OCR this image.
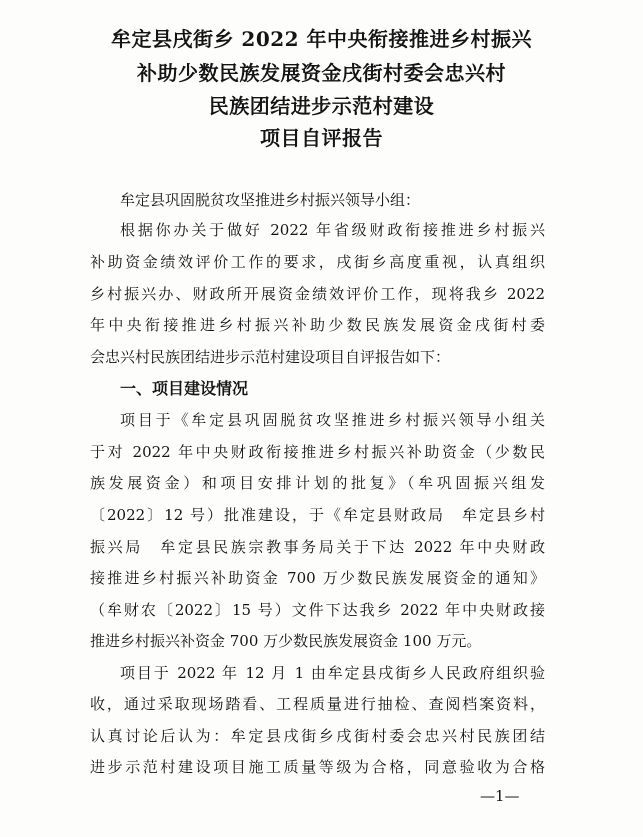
牟定县戌街乡 2022 年中央衔接推进乡村振兴
补助少数民族发展资金戌街村委会忠兴村
民族团结进步示范村建设
项目自评报告
牟定县巩固脱贫攻坚推进乡村振兴领导小组：
根据你办关于做好 2022 年省级财政衔接推进乡村振兴
补助资金绩效评价工作的要求，戌街乡高度重视，认真组织
乡村振兴办、财政所开展资金绩效评价工作，现将我乡 2022
年中央衔接推进乡村振兴补助少数民族发展资金戌街村委
会忠兴村民族团结进步示范村建设项目自评报告如下：
一、项目建设情况
项目于《牟定县巩固脱贫攻坚推进乡村振兴领导小组关
于对 2022 年中央财政衔接推进乡村振兴补助资金（少数民
族发展资金）和项目安排计划的批复》（牟巩固振兴组发
〔2022〕12 号）批准建设，于《牟定县财政局　牟定县乡村
振兴局　牟定县民族宗教事务局关于下达 2022 年中央财政
接推进乡村振兴补助资金 700 万少数民族发展资金的通知》
（牟财农〔2022〕15 号）文件下达我乡 2022 年中央财政接
推进乡村振兴补资金 700 万少数民族发展资金 100 万元。
项目于 2022 年 12 月 1 由牟定县戌街乡人民政府组织验
收，通过采取现场踏看、工程质量进行抽检、查阅档案资料，
认真讨论后认为：牟定县戌街乡戌街村委会忠兴村民族团结
进步示范村建设项目施工质量等级为合格，同意验收为合格
—1—
